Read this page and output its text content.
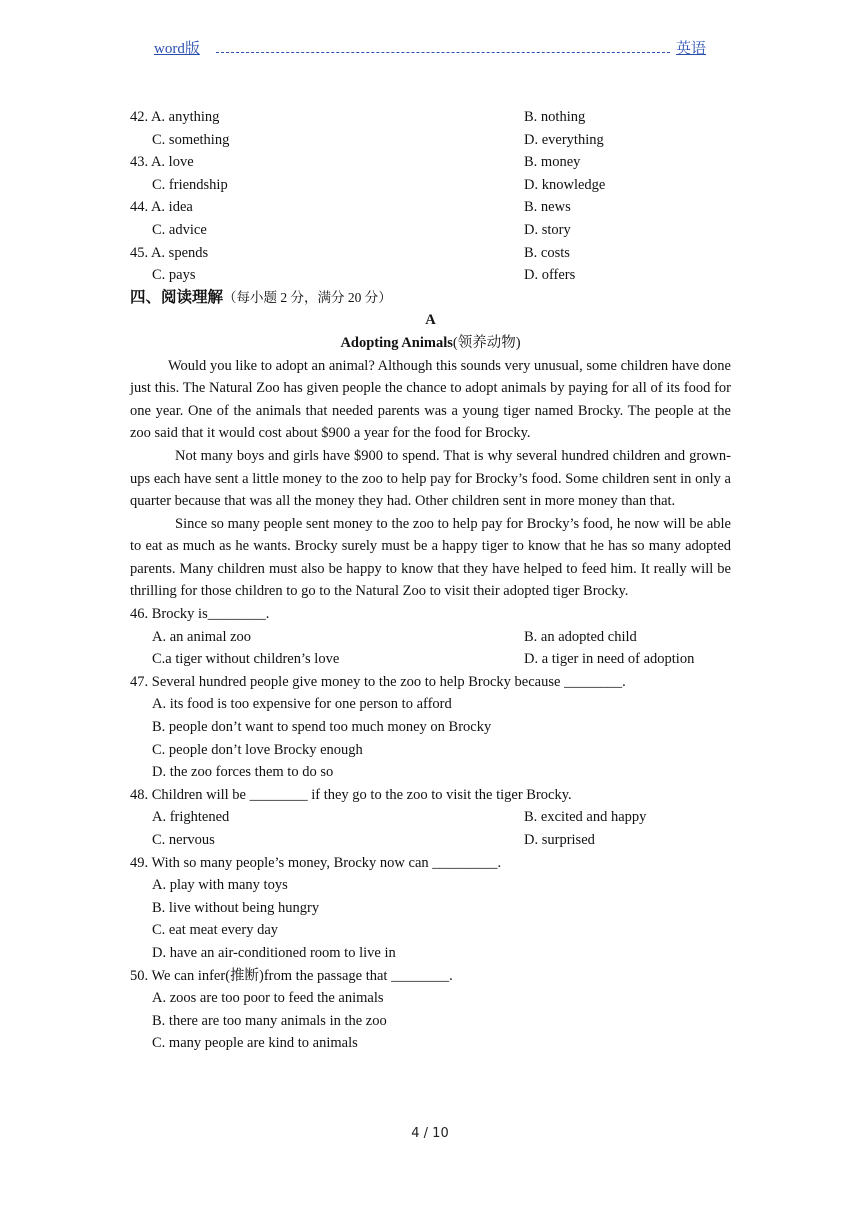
word版	英语
42. A. anything	B. nothing
C. something	D. everything
43. A. love	B. money
C. friendship	D. knowledge
44. A. idea	B. news
C. advice	D. story
45. A. spends	B. costs
C. pays	D. offers
四、阅读理解（每小题 2 分，满分 20 分）
A
Adopting Animals(领养动物)

Would you like to adopt an animal? Although this sounds very unusual, some children have done just this. The Natural Zoo has given people the chance to adopt animals by paying for all of its food for one year. One of the animals that needed parents was a young tiger named Brocky. The people at the zoo said that it would cost about $900 a year for the food for Brocky.

Not many boys and girls have $900 to spend. That is why several hundred children and grown-ups each have sent a little money to the zoo to help pay for Brocky’s food. Some children sent in only a quarter because that was all the money they had. Other children sent in more money than that.

Since so many people sent money to the zoo to help pay for Brocky’s food, he now will be able to eat as much as he wants. Brocky surely must be a happy tiger to know that he has so many adopted parents. Many children must also be happy to know that they have helped to feed him. It really will be thrilling for those children to go to the Natural Zoo to visit their adopted tiger Brocky.

46. Brocky is________.
A. an animal zoo	B. an adopted child
C.a tiger without children’s love	D. a tiger in need of adoption
47. Several hundred people give money to the zoo to help Brocky because ________.
A. its food is too expensive for one person to afford
B. people don’t want to spend too much money on Brocky
C. people don’t love Brocky enough
D. the zoo forces them to do so
48. Children will be ________ if they go to the zoo to visit the tiger Brocky.
A. frightened	B. excited and happy
C. nervous	D. surprised
49. With so many people’s money, Brocky now can _________.
A. play with many toys
B. live without being hungry
C. eat meat every day
D. have an air-conditioned room to live in
50. We can infer(推断)from the passage that ________.
A. zoos are too poor to feed the animals
B. there are too many animals in the zoo
C. many people are kind to animals
4 / 10
